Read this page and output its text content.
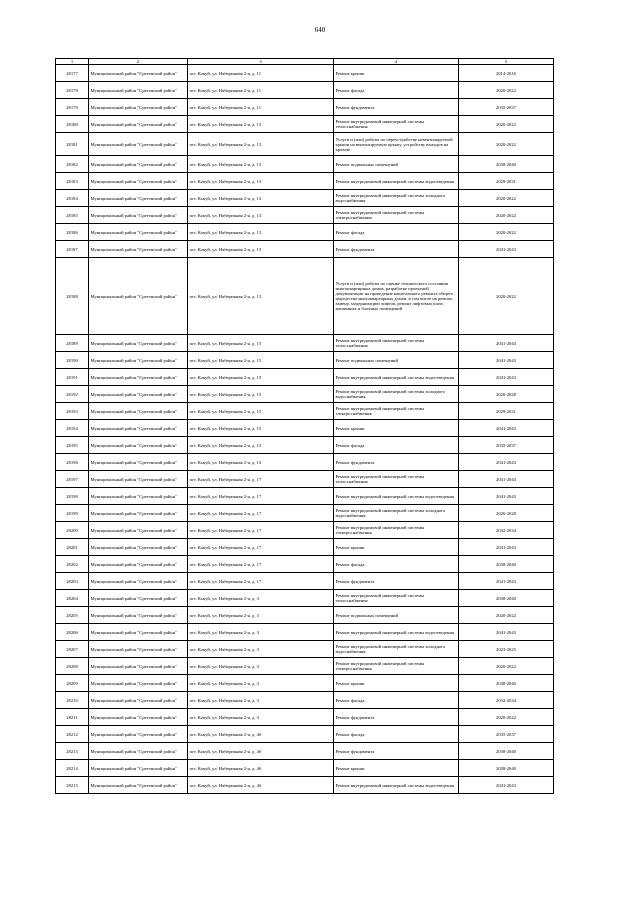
640
1	2	3	4	5
28177	Муниципальный район "Сретенский район"	пгт. Кокуй, ул. Набережная 2-я, д. 11	Ремонт крыши	2014-2016
28178	Муниципальный район "Сретенский район"	пгт. Кокуй, ул. Набережная 2-я, д. 11	Ремонт фасада	2020-2022
28179	Муниципальный район "Сретенский район"	пгт. Кокуй, ул. Набережная 2-я, д. 11	Ремонт фундамента	2035-2037
28180	Муниципальный район "Сретенский район"	пгт. Кокуй, ул. Набережная 2-я, д. 13	Ремонт внутридомовой инженерной системы теплоснабжения	2020-2022
28181	Муниципальный район "Сретенский район"	пгт. Кокуй, ул. Набережная 2-я, д. 13	Услуги и (или) работы по переустройству невентилируемой крыши на вентилируемую крышу, устройству выходов на кровлю	2020-2022
28182	Муниципальный район "Сретенский район"	пгт. Кокуй, ул. Набережная 2-я, д. 13	Ремонт подвальных помещений	2038-2040
28183	Муниципальный район "Сретенский район"	пгт. Кокуй, ул. Набережная 2-я, д. 13	Ремонт внутридомовой инженерной системы водоотведения	2029-2031
28184	Муниципальный район "Сретенский район"	пгт. Кокуй, ул. Набережная 2-я, д. 13	Ремонт внутридомовой инженерной системы холодного водоснабжения	2020-2022
28185	Муниципальный район "Сретенский район"	пгт. Кокуй, ул. Набережная 2-я, д. 13	Ремонт внутридомовой инженерной системы электроснабжения	2020-2022
28186	Муниципальный район "Сретенский район"	пгт. Кокуй, ул. Набережная 2-я, д. 13	Ремонт фасада	2020-2022
28187	Муниципальный район "Сретенский район"	пгт. Кокуй, ул. Набережная 2-я, д. 13	Ремонт фундамента	2041-2043
28188	Муниципальный район "Сретенский район"	пгт. Кокуй, ул. Набережная 2-я, д. 13	Услуги и (или) работы по оценке технического состояния многоквартирных домов, разработке проектной документации на проведение капитального ремонта общего имущества многоквартирных домов, в том числе на ремонт, замену, модернизацию лифтов, ремонт лифтовых шахт, машинных и блочных помещений	2020-2022
28189	Муниципальный район "Сретенский район"	пгт. Кокуй, ул. Набережная 2-я, д. 15	Ремонт внутридомовой инженерной системы теплоснабжения	2041-2043
28190	Муниципальный район "Сретенский район"	пгт. Кокуй, ул. Набережная 2-я, д. 15	Ремонт подвальных помещений	2041-2043
28191	Муниципальный район "Сретенский район"	пгт. Кокуй, ул. Набережная 2-я, д. 15	Ремонт внутридомовой инженерной системы водоотведения	2041-2043
28192	Муниципальный район "Сретенский район"	пгт. Кокуй, ул. Набережная 2-я, д. 15	Ремонт внутридомовой инженерной системы холодного водоснабжения	2026-2028
28193	Муниципальный район "Сретенский район"	пгт. Кокуй, ул. Набережная 2-я, д. 15	Ремонт внутридомовой инженерной системы электроснабжения	2029-2031
28194	Муниципальный район "Сретенский район"	пгт. Кокуй, ул. Набережная 2-я, д. 15	Ремонт крыши	2041-2043
28195	Муниципальный район "Сретенский район"	пгт. Кокуй, ул. Набережная 2-я, д. 15	Ремонт фасада	2035-2037
28196	Муниципальный район "Сретенский район"	пгт. Кокуй, ул. Набережная 2-я, д. 15	Ремонт фундамента	2041-2043
28197	Муниципальный район "Сретенский район"	пгт. Кокуй, ул. Набережная 2-я, д. 17	Ремонт внутридомовой инженерной системы теплоснабжения	2041-2043
28198	Муниципальный район "Сретенский район"	пгт. Кокуй, ул. Набережная 2-я, д. 17	Ремонт внутридомовой инженерной системы водоотведения	2041-2043
28199	Муниципальный район "Сретенский район"	пгт. Кокуй, ул. Набережная 2-я, д. 17	Ремонт внутридомовой инженерной системы холодного водоснабжения	2026-2028
28200	Муниципальный район "Сретенский район"	пгт. Кокуй, ул. Набережная 2-я, д. 17	Ремонт внутридомовой инженерной системы электроснабжения	2032-2034
28201	Муниципальный район "Сретенский район"	пгт. Кокуй, ул. Набережная 2-я, д. 17	Ремонт крыши	2041-2043
28202	Муниципальный район "Сретенский район"	пгт. Кокуй, ул. Набережная 2-я, д. 17	Ремонт фасада	2038-2040
28203	Муниципальный район "Сретенский район"	пгт. Кокуй, ул. Набережная 2-я, д. 17	Ремонт фундамента	2041-2043
28204	Муниципальный район "Сретенский район"	пгт. Кокуй, ул. Набережная 2-я, д. 3	Ремонт внутридомовой инженерной системы теплоснабжения	2038-2040
28205	Муниципальный район "Сретенский район"	пгт. Кокуй, ул. Набережная 2-я, д. 3	Ремонт подвальных помещений	2020-2022
28206	Муниципальный район "Сретенский район"	пгт. Кокуй, ул. Набережная 2-я, д. 3	Ремонт внутридомовой инженерной системы водоотведения	2041-2043
28207	Муниципальный район "Сретенский район"	пгт. Кокуй, ул. Набережная 2-я, д. 3	Ремонт внутридомовой инженерной системы холодного водоснабжения	2023-2025
28208	Муниципальный район "Сретенский район"	пгт. Кокуй, ул. Набережная 2-я, д. 3	Ремонт внутридомовой инженерной системы электроснабжения	2020-2022
28209	Муниципальный район "Сретенский район"	пгт. Кокуй, ул. Набережная 2-я, д. 3	Ремонт крыши	2038-2040
28210	Муниципальный район "Сретенский район"	пгт. Кокуй, ул. Набережная 2-я, д. 3	Ремонт фасада	2032-2034
28211	Муниципальный район "Сретенский район"	пгт. Кокуй, ул. Набережная 2-я, д. 3	Ремонт фундамента	2020-2022
28212	Муниципальный район "Сретенский район"	пгт. Кокуй, ул. Набережная 2-я, д. 4б	Ремонт фасада	2035-2037
28213	Муниципальный район "Сретенский район"	пгт. Кокуй, ул. Набережная 2-я, д. 4б	Ремонт фундамента	2038-2040
28214	Муниципальный район "Сретенский район"	пгт. Кокуй, ул. Набережная 2-я, д. 4б	Ремонт крыши	2038-2040
28215	Муниципальный район "Сретенский район"	пгт. Кокуй, ул. Набережная 2-я, д. 4б	Ремонт внутридомовой инженерной системы водоотведения	2041-2043
